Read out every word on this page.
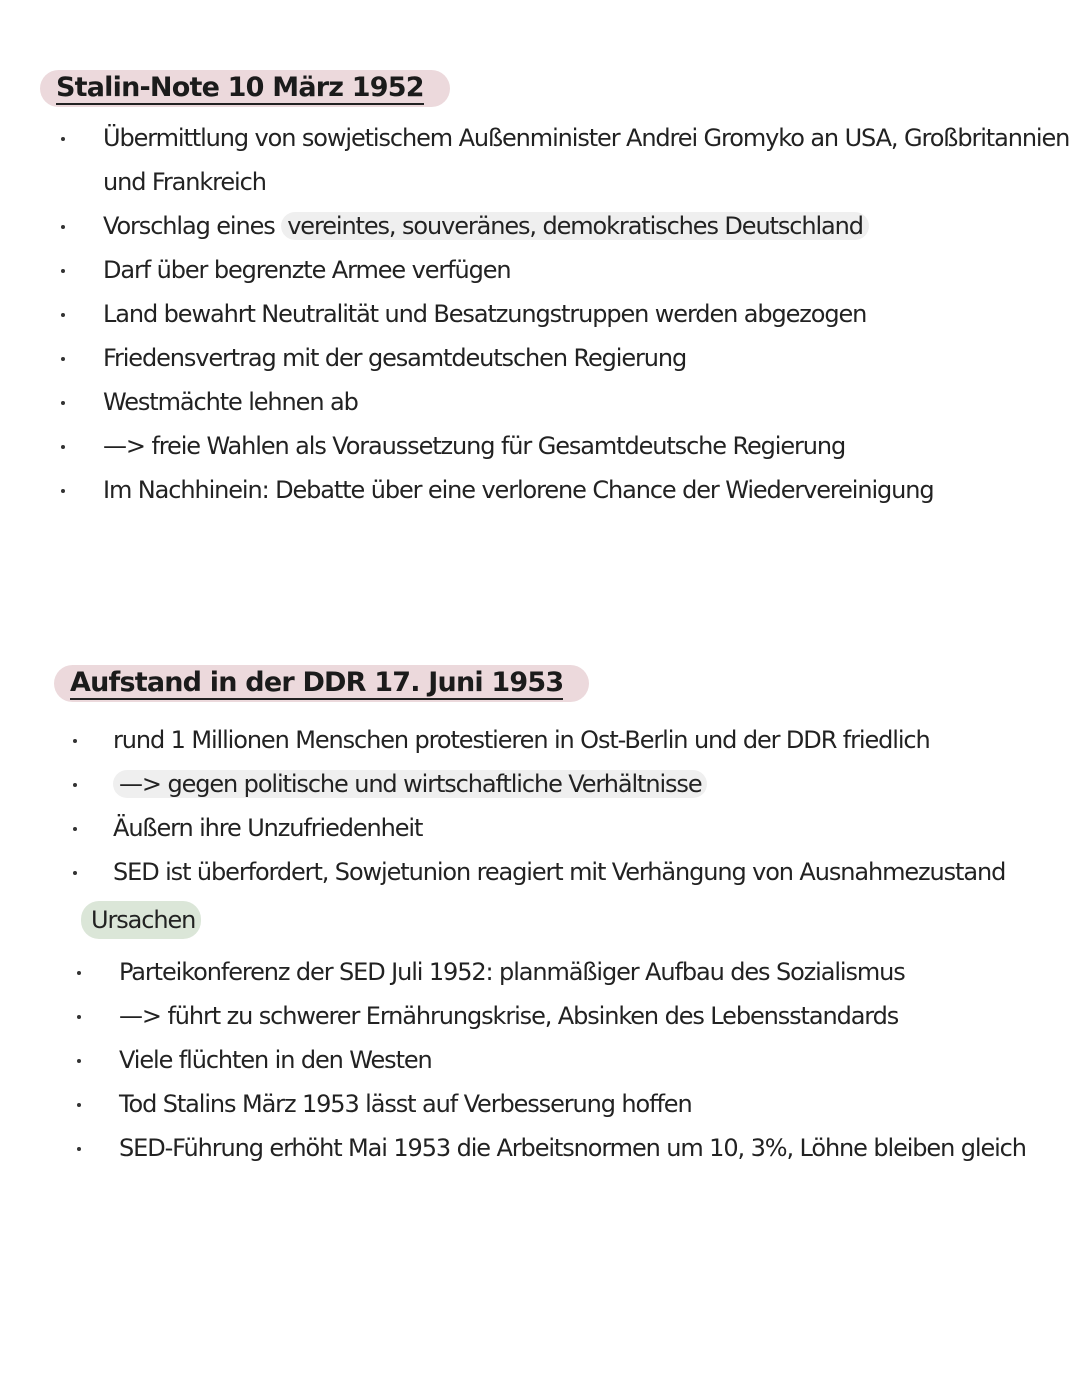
Stalin-Note 10 März 1952
Übermittlung von sowjetischem Außenminister Andrei Gromyko an USA, Großbritannien
und Frankreich
Vorschlag eines vereintes, souveränes, demokratisches Deutschland
Darf über begrenzte Armee verfügen
Land bewahrt Neutralität und Besatzungstruppen werden abgezogen
Friedensvertrag mit der gesamtdeutschen Regierung
Westmächte lehnen ab
—> freie Wahlen als Voraussetzung für Gesamtdeutsche Regierung
Im Nachhinein: Debatte über eine verlorene Chance der Wiedervereinigung
Aufstand in der DDR 17. Juni 1953
rund 1 Millionen Menschen protestieren in Ost-Berlin und der DDR friedlich
—> gegen politische und wirtschaftliche Verhältnisse
Äußern ihre Unzufriedenheit
SED ist überfordert, Sowjetunion reagiert mit Verhängung von Ausnahmezustand
Ursachen
Parteikonferenz der SED Juli 1952: planmäßiger Aufbau des Sozialismus
—> führt zu schwerer Ernährungskrise, Absinken des Lebensstandards
Viele flüchten in den Westen
Tod Stalins März 1953 lässt auf Verbesserung hoffen
SED-Führung erhöht Mai 1953 die Arbeitsnormen um 10, 3%, Löhne bleiben gleich
